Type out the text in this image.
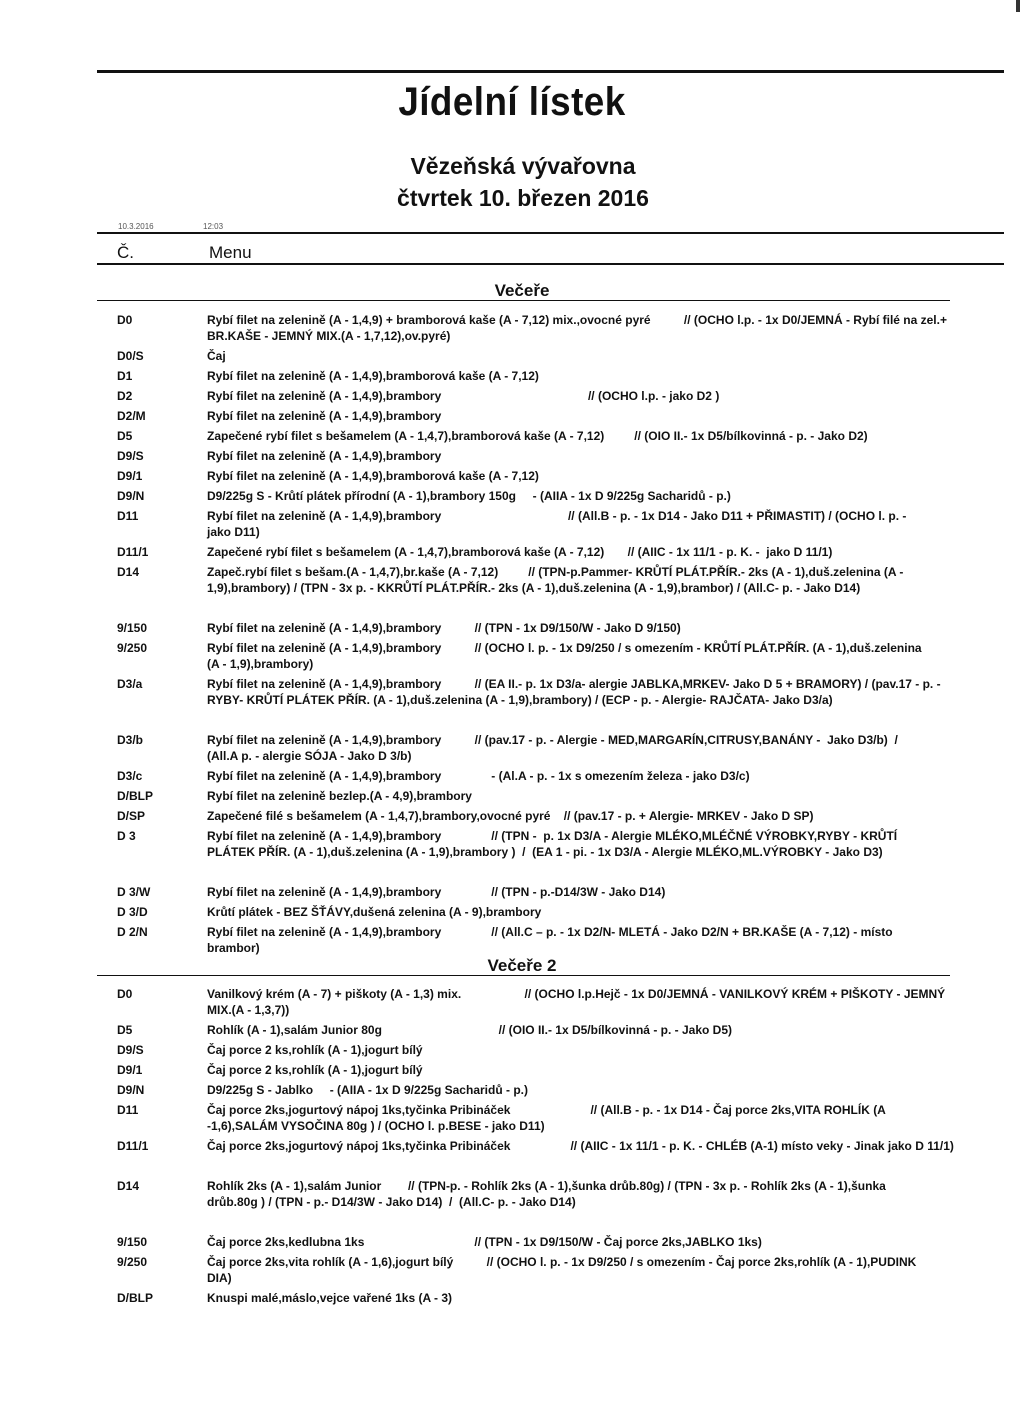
Jídelní lístek
Vězeňská vývařovna
čtvrtek 10. březen 2016
10.3.2016	12:03
Č.	Menu
Večeře
D0	Rybí filet na zelenině (A - 1,4,9) + bramborová kaše (A - 7,12) mix.,ovocné pyré          // (OCHO l.p. - 1x D0/JEMNÁ - Rybí filé na zel.+
BR.KAŠE - JEMNÝ MIX.(A - 1,7,12),ov.pyré)
D0/S	Čaj
D1	Rybí filet na zelenině (A - 1,4,9),bramborová kaše (A - 7,12)
D2	Rybí filet na zelenině (A - 1,4,9),brambory                                            // (OCHO l.p. - jako D2 )
D2/M	Rybí filet na zelenině (A - 1,4,9),brambory
D5	Zapečené rybí filet s bešamelem (A - 1,4,7),bramborová kaše (A - 7,12)         // (OIO II.- 1x D5/bílkovinná - p. - Jako D2)
D9/S	Rybí filet na zelenině (A - 1,4,9),brambory
D9/1	Rybí filet na zelenině (A - 1,4,9),bramborová kaše (A - 7,12)
D9/N	D9/225g S - Krůtí plátek přírodní (A - 1),brambory 150g     - (AIIA - 1x D 9/225g Sacharidů - p.)
D11	Rybí filet na zelenině (A - 1,4,9),brambory                                      // (All.B - p. - 1x D14 - Jako D11 + PŘIMASTIT) / (OCHO l. p. -
jako D11)
D11/1	Zapečené rybí filet s bešamelem (A - 1,4,7),bramborová kaše (A - 7,12)       // (AIIC - 1x 11/1 - p. K. -  jako D 11/1)
D14	Zapeč.rybí filet s bešam.(A - 1,4,7),br.kaše (A - 7,12)         // (TPN-p.Pammer- KRŮTÍ PLÁT.PŘÍR.- 2ks (A - 1),duš.zelenina (A -
1,9),brambory) / (TPN - 3x p. - KKRŮTÍ PLÁT.PŘÍR.- 2ks (A - 1),duš.zelenina (A - 1,9),brambor) / (All.C- p. - Jako D14)
9/150	Rybí filet na zelenině (A - 1,4,9),brambory          // (TPN - 1x D9/150/W - Jako D 9/150)
9/250	Rybí filet na zelenině (A - 1,4,9),brambory          // (OCHO l. p. - 1x D9/250 / s omezením - KRŮTÍ PLÁT.PŘÍR. (A - 1),duš.zelenina
(A - 1,9),brambory)
D3/a	Rybí filet na zelenině (A - 1,4,9),brambory          // (EA II.- p. 1x D3/a- alergie JABLKA,MRKEV- Jako D 5 + BRAMORY) / (pav.17 - p. -
RYBY- KRŮTÍ PLÁTEK PŘÍR. (A - 1),duš.zelenina (A - 1,9),brambory) / (ECP - p. - Alergie- RAJČATA- Jako D3/a)
D3/b	Rybí filet na zelenině (A - 1,4,9),brambory          // (pav.17 - p. - Alergie - MED,MARGARÍN,CITRUSY,BANÁNY -  Jako D3/b)  /
(All.A p. - alergie SÓJA - Jako D 3/b)
D3/c	Rybí filet na zelenině (A - 1,4,9),brambory               - (Al.A - p. - 1x s omezením železa - jako D3/c)
D/BLP	Rybí filet na zelenině bezlep.(A - 4,9),brambory
D/SP	Zapečené filé s bešamelem (A - 1,4,7),brambory,ovocné pyré    // (pav.17 - p. + Alergie- MRKEV - Jako D SP)
D 3	Rybí filet na zelenině (A - 1,4,9),brambory               // (TPN -  p. 1x D3/A - Alergie MLÉKO,MLÉČNÉ VÝROBKY,RYBY - KRŮTÍ
PLÁTEK PŘÍR. (A - 1),duš.zelenina (A - 1,9),brambory )  /  (EA 1 - pi. - 1x D3/A - Alergie MLÉKO,ML.VÝROBKY - Jako D3)
D 3/W	Rybí filet na zelenině (A - 1,4,9),brambory               // (TPN - p.-D14/3W - Jako D14)
D 3/D	Krůtí plátek - BEZ ŠŤÁVY,dušená zelenina (A - 9),brambory
D 2/N	Rybí filet na zelenině (A - 1,4,9),brambory               // (All.C – p. - 1x D2/N- MLETÁ - Jako D2/N + BR.KAŠE (A - 7,12) - místo
brambor)
Večeře 2
D0	Vanilkový krém (A - 7) + piškoty (A - 1,3) mix.                   // (OCHO l.p.Hejč - 1x D0/JEMNÁ - VANILKOVÝ KRÉM + PIŠKOTY - JEMNÝ
MIX.(A - 1,3,7))
D5	Rohlík (A - 1),salám Junior 80g                                   // (OIO II.- 1x D5/bílkovinná - p. - Jako D5)
D9/S	Čaj porce 2 ks,rohlík (A - 1),jogurt bílý
D9/1	Čaj porce 2 ks,rohlík (A - 1),jogurt bílý
D9/N	D9/225g S - Jablko     - (AIIA - 1x D 9/225g Sacharidů - p.)
D11	Čaj porce 2ks,jogurtový nápoj 1ks,tyčinka Pribináček                        // (All.B - p. - 1x D14 - Čaj porce 2ks,VITA ROHLÍK (A
-1,6),SALÁM VYSOČINA 80g ) / (OCHO l. p.BESE - jako D11)
D11/1	Čaj porce 2ks,jogurtový nápoj 1ks,tyčinka Pribináček                  // (AIIC - 1x 11/1 - p. K. - CHLÉB (A-1) místo veky - Jinak jako D 11/1)
D14	Rohlík 2ks (A - 1),salám Junior        // (TPN-p. - Rohlík 2ks (A - 1),šunka drůb.80g) / (TPN - 3x p. - Rohlík 2ks (A - 1),šunka
drůb.80g ) / (TPN - p.- D14/3W - Jako D14)  /  (All.C- p. - Jako D14)
9/150	Čaj porce 2ks,kedlubna 1ks                                 // (TPN - 1x D9/150/W - Čaj porce 2ks,JABLKO 1ks)
9/250	Čaj porce 2ks,vita rohlík (A - 1,6),jogurt bílý          // (OCHO l. p. - 1x D9/250 / s omezením - Čaj porce 2ks,rohlík (A - 1),PUDINK
DIA)
D/BLP	Knuspi malé,máslo,vejce vařené 1ks (A - 3)
